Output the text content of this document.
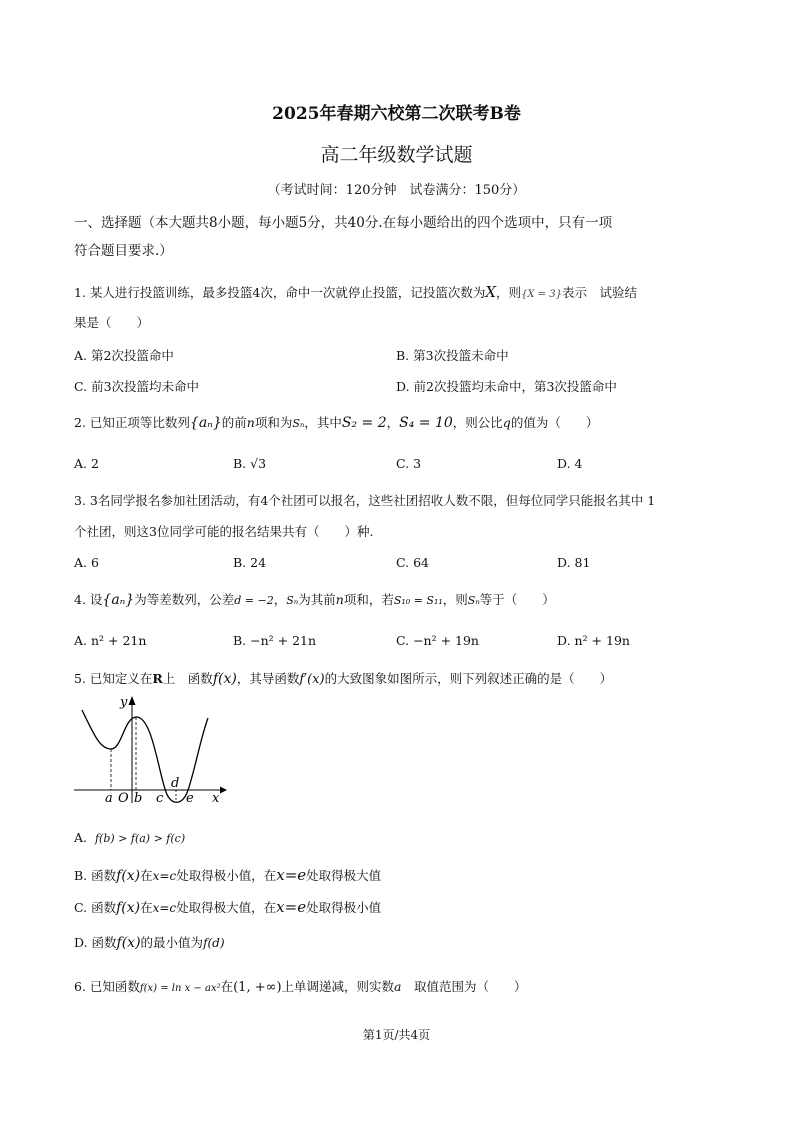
2025年春期六校第二次联考B卷
高二年级数学试题
（考试时间：120分钟　试卷满分：150分）
一、选择题（本大题共8小题，每小题5分，共40分.在每小题给出的四个选项中，只有一项
符合题目要求.）
1. 某人进行投篮训练，最多投篮4次，命中一次就停止投篮，记投篮次数为X，则{X = 3}表示　试验结
果是（　　）
A. 第2次投篮命中	B. 第3次投篮未命中
C. 前3次投篮均未命中	D. 前2次投篮均未命中，第3次投篮命中
2. 已知正项等比数列{aₙ}的前n项和为Sₙ，其中S₂ = 2，S₄ = 10，则公比q的值为（　　）
A. 2	B. √3	C. 3	D. 4
3. 3名同学报名参加社团活动，有4个社团可以报名，这些社团招收人数不限，但每位同学只能报名其中 1
个社团，则这3位同学可能的报名结果共有（　　）种.
A. 6	B. 24	C. 64	D. 81
4. 设{aₙ}为等差数列，公差d = −2，Sₙ为其前n项和，若S₁₀ = S₁₁，则Sₙ等于（　　）
A. n² + 21n	B. −n² + 21n	C. −n² + 19n	D. n² + 19n
5. 已知定义在R上　函数f(x)，其导函数f′(x)的大致图象如图所示，则下列叙述正确的是（　　）
y
x
a O b c
d
e
A. f(b) > f(a) > f(c)
B. 函数f(x)在x=c处取得极小值，在x=e处取得极大值
C. 函数f(x)在x=c处取得极大值，在x=e处取得极小值
D. 函数f(x)的最小值为f(d)
6. 已知函数f(x) = ln x − ax²在(1, +∞)上单调递减，则实数a　取值范围为（　　）
第1页/共4页
